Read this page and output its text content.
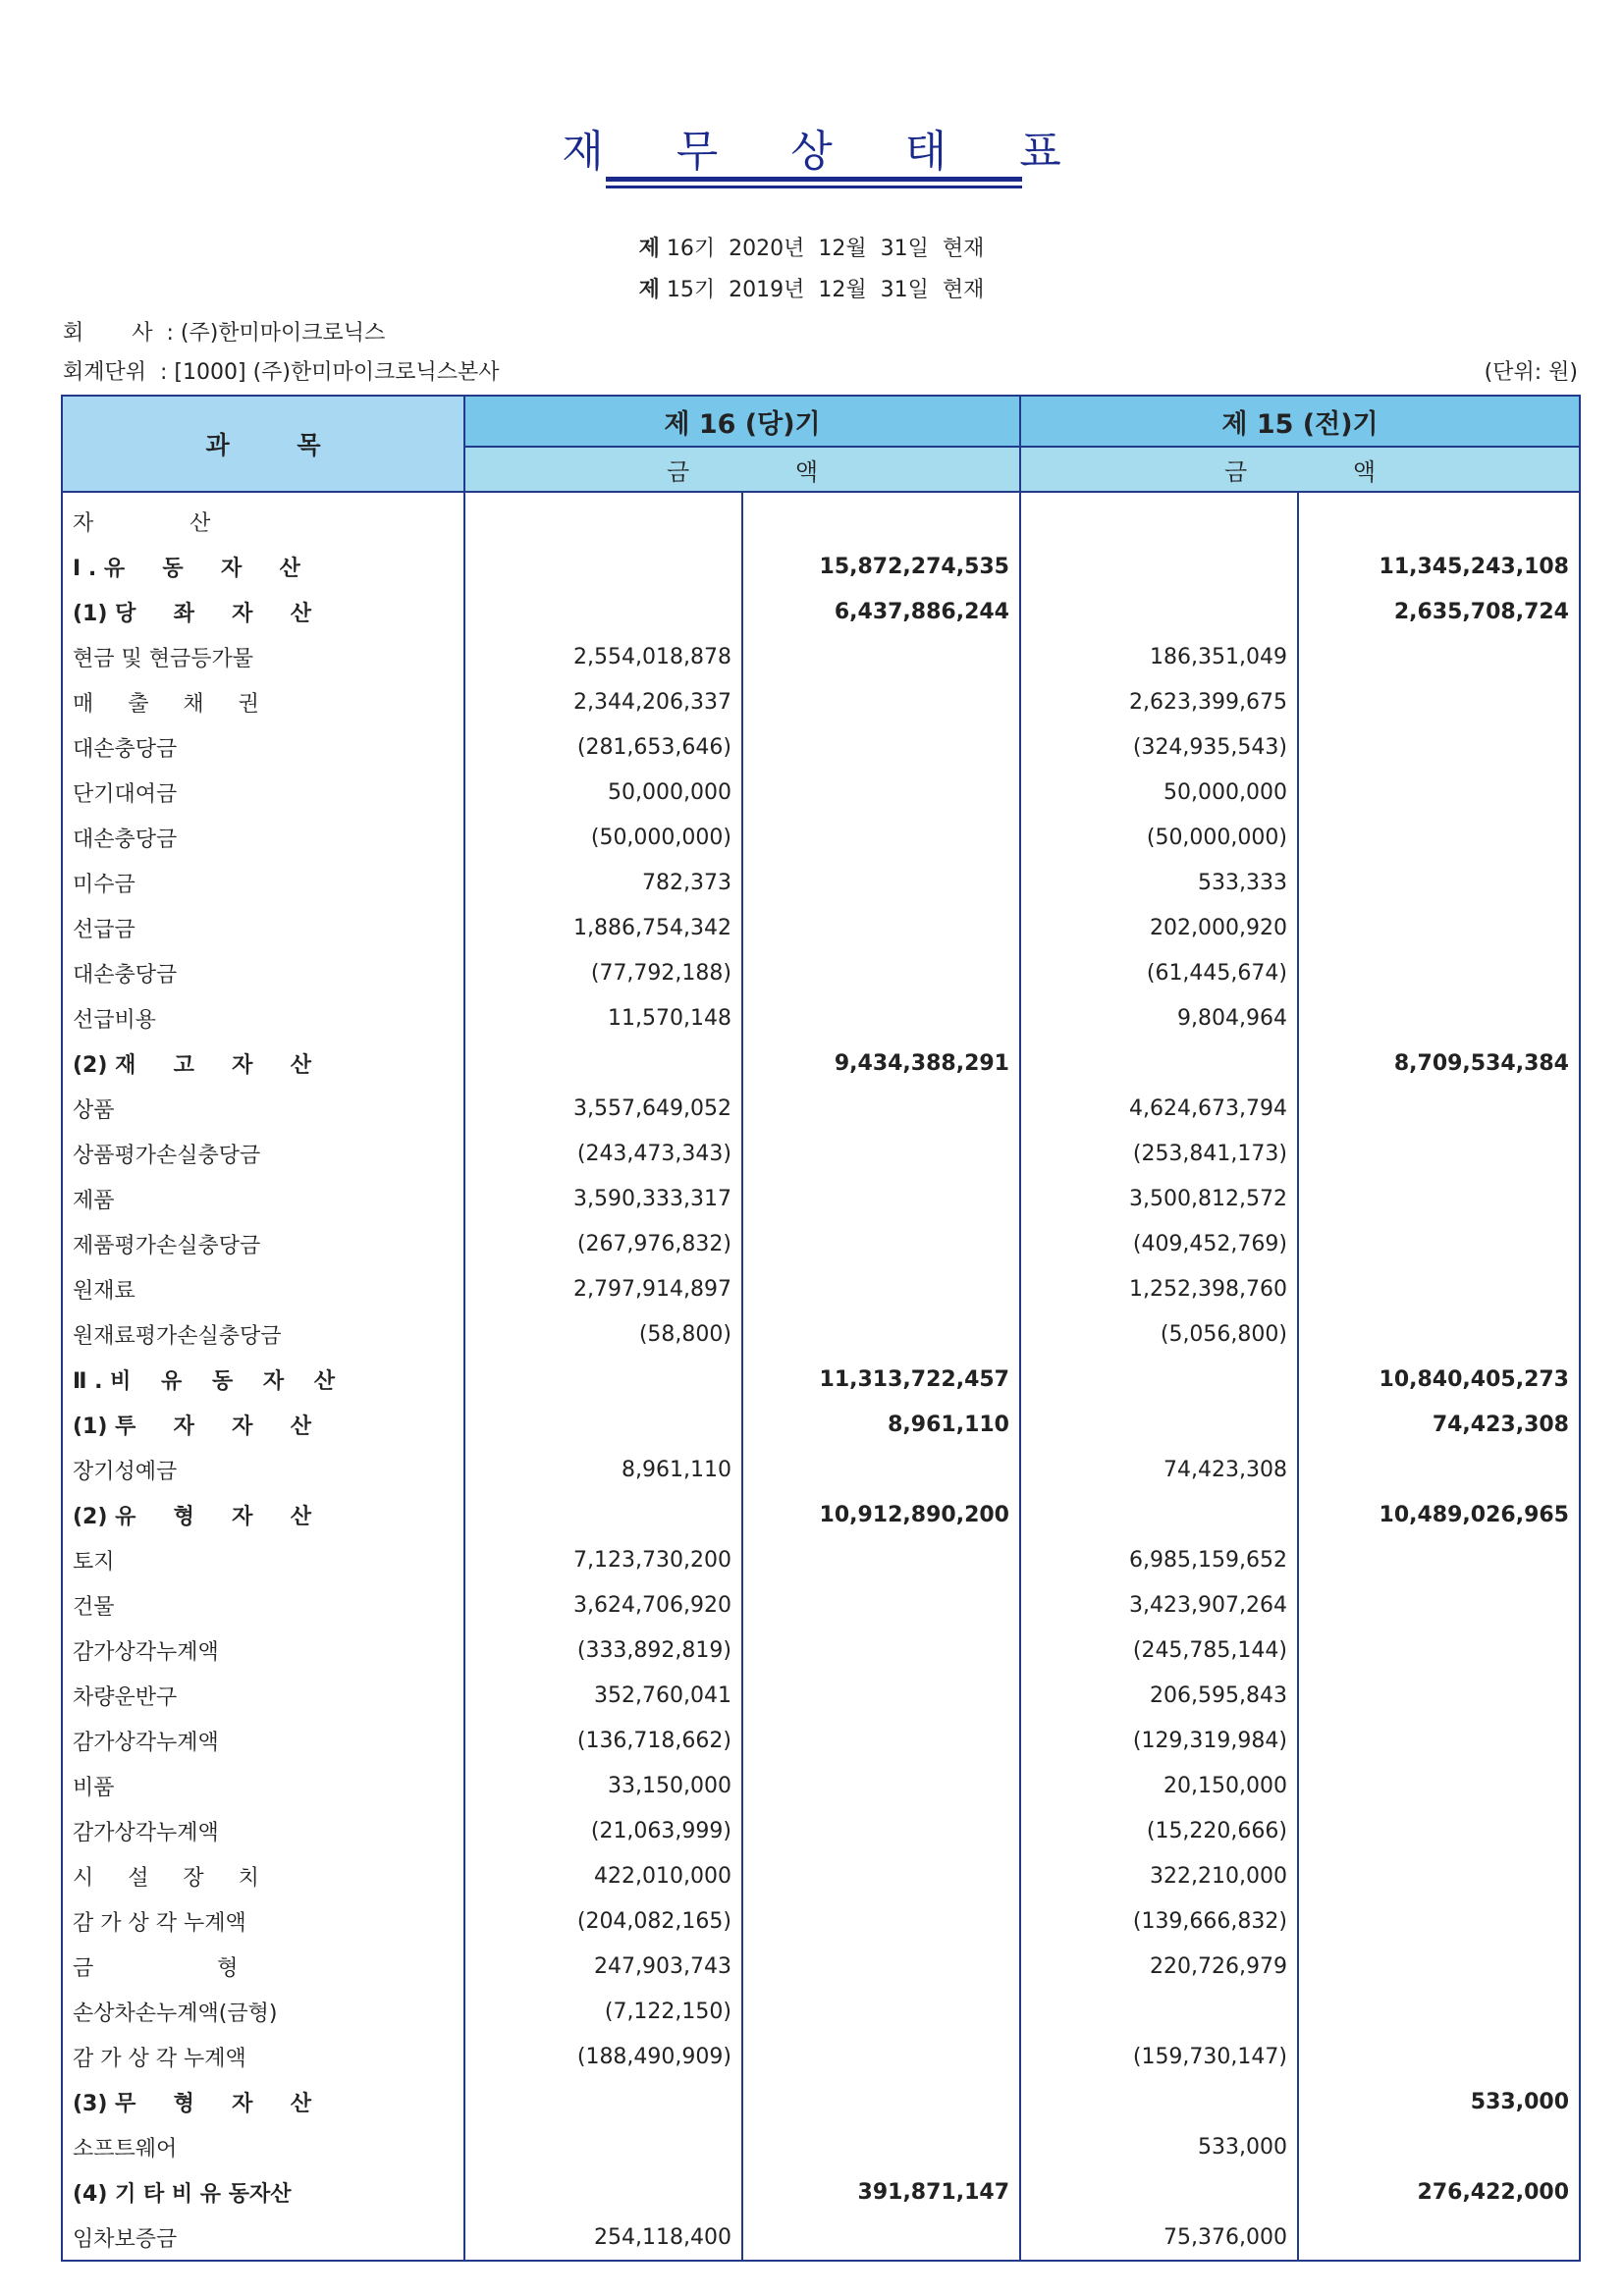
재 무 상 태 표
제 16기  2020년  12월  31일  현재
제 15기  2019년  12월  31일  현재
회       사  : (주)한미마이크로닉스
회계단위  : [1000] (주)한미마이크로닉스본사	(단위: 원)
과 목	제 16 (당)기		제 15 (전)기	
	금 액		금 액	
자              산				
Ⅰ . 유     동     자     산		15,872,274,535		11,345,243,108
(1) 당     좌     자     산		6,437,886,244		2,635,708,724
현금 및 현금등가물	2,554,018,878		186,351,049	
매     출     채     권	2,344,206,337		2,623,399,675	
대손충당금	(281,653,646)		(324,935,543)	
단기대여금	50,000,000		50,000,000	
대손충당금	(50,000,000)		(50,000,000)	
미수금	782,373		533,333	
선급금	1,886,754,342		202,000,920	
대손충당금	(77,792,188)		(61,445,674)	
선급비용	11,570,148		9,804,964	
(2) 재     고     자     산		9,434,388,291		8,709,534,384
상품	3,557,649,052		4,624,673,794	
상품평가손실충당금	(243,473,343)		(253,841,173)	
제품	3,590,333,317		3,500,812,572	
제품평가손실충당금	(267,976,832)		(409,452,769)	
원재료	2,797,914,897		1,252,398,760	
원재료평가손실충당금	(58,800)		(5,056,800)	
Ⅱ . 비    유    동    자    산		11,313,722,457		10,840,405,273
(1) 투     자     자     산		8,961,110		74,423,308
장기성예금	8,961,110		74,423,308	
(2) 유     형     자     산		10,912,890,200		10,489,026,965
토지	7,123,730,200		6,985,159,652	
건물	3,624,706,920		3,423,907,264	
감가상각누계액	(333,892,819)		(245,785,144)	
차량운반구	352,760,041		206,595,843	
감가상각누계액	(136,718,662)		(129,319,984)	
비품	33,150,000		20,150,000	
감가상각누계액	(21,063,999)		(15,220,666)	
시     설     장     치	422,010,000		322,210,000	
감 가 상 각 누계액	(204,082,165)		(139,666,832)	
금                  형	247,903,743		220,726,979	
손상차손누계액(금형)	(7,122,150)			
감 가 상 각 누계액	(188,490,909)		(159,730,147)	
(3) 무     형     자     산				533,000
소프트웨어			533,000	
(4) 기 타 비 유 동자산		391,871,147		276,422,000
임차보증금	254,118,400		75,376,000	
